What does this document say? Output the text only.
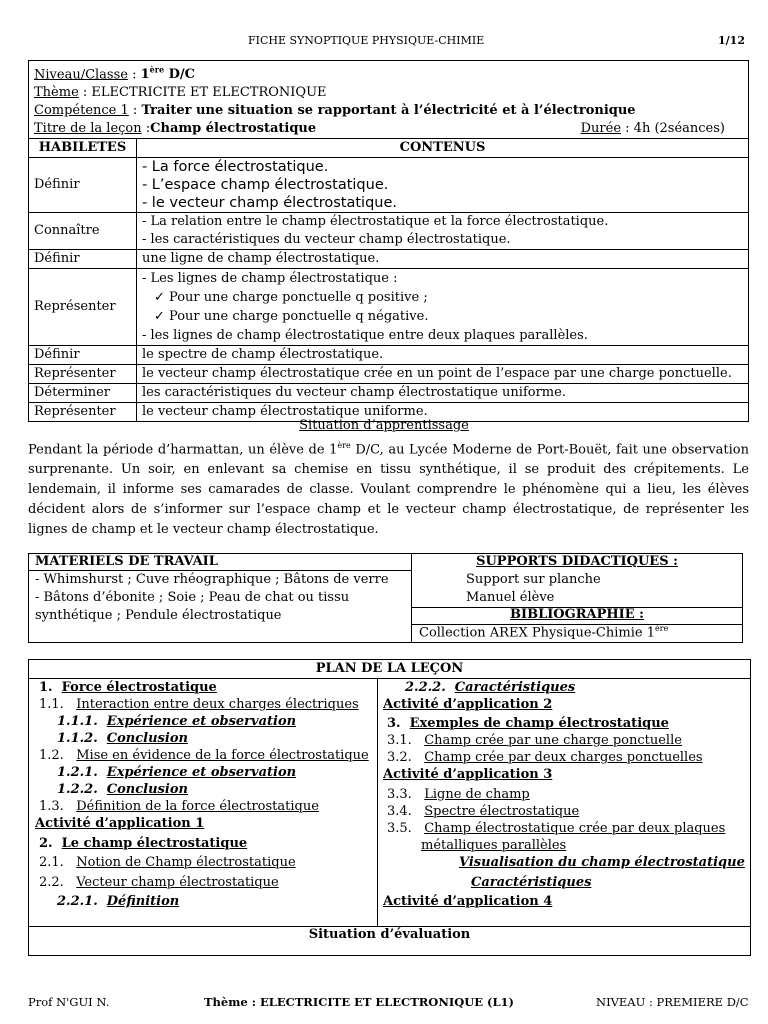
FICHE SYNOPTIQUE PHYSIQUE-CHIMIE	1/12
Niveau/Classe : 1ère D/C	
Thème : ELECTRICITE ET ELECTRONIQUE	
Compétence 1 : Traiter une situation se rapportant à l’électricité et à l’électronique	
Titre de la leçon :Champ électrostatique Durée : 4h (2séances)	

HABILETES	CONTENUS
Définir	- La force électrostatique.
- L’espace champ électrostatique.
- le vecteur champ électrostatique.

Connaître	- La relation entre le champ électrostatique et la force électrostatique.
- les caractéristiques du vecteur champ électrostatique.

Définir	une ligne de champ électrostatique.
Représenter	- Les lignes de champ électrostatique :
✓ Pour une charge ponctuelle q positive ;
✓ Pour une charge ponctuelle q négative.
- les lignes de champ électrostatique entre deux plaques parallèles.

Définir	le spectre de champ électrostatique.
Représenter	le vecteur champ électrostatique crée en un point de l’espace par une charge ponctuelle.
Déterminer	les caractéristiques du vecteur champ électrostatique uniforme.
Représenter	le vecteur champ électrostatique uniforme.
Situation d’apprentissage
Pendant la période d’harmattan, un élève de 1ère D/C, au Lycée Moderne de Port-Bouët, fait une observation surprenante. Un soir, en enlevant sa chemise en tissu synthétique, il se produit des crépitements. Le lendemain, il informe ses camarades de classe. Voulant comprendre le phénomène qui a lieu, les élèves décident alors de s’informer sur l’espace champ et le vecteur champ électrostatique, de représenter les lignes de champ et le vecteur champ électrostatique.
MATERIELS DE TRAVAIL
- Whimshurst ; Cuve rhéographique ; Bâtons de verre
- Bâtons d’ébonite ; Soie ; Peau de chat ou tissu
synthétique ; Pendule électrostatique
SUPPORTS DIDACTIQUES :
Support sur planche
Manuel élève
BIBLIOGRAPHIE :
Collection AREX Physique-Chimie 1ère
PLAN DE LA LEÇON
1. Force électrostatique
1.1. Interaction entre deux charges électriques
1.1.1. Expérience et observation
1.1.2. Conclusion
1.2. Mise en évidence de la force électrostatique
1.2.1. Expérience et observation
1.2.2. Conclusion
1.3. Définition de la force électrostatique
Activité d’application 1
2. Le champ électrostatique
2.1. Notion de Champ électrostatique
2.2. Vecteur champ électrostatique
2.2.1. Définition
2.2.2. Caractéristiques
Activité d’application 2
3. Exemples de champ électrostatique
3.1. Champ crée par une charge ponctuelle
3.2. Champ crée par deux charges ponctuelles
Activité d’application 3
3.3. Ligne de champ
3.4. Spectre électrostatique
3.5. Champ électrostatique crée par deux plaques
métalliques parallèles
Visualisation du champ électrostatique
Caractéristiques
Activité d’application 4
Situation d’évaluation
Prof N'GUI N.	Thème : ELECTRICITE ET ELECTRONIQUE (L1)	NIVEAU : PREMIERE D/C
